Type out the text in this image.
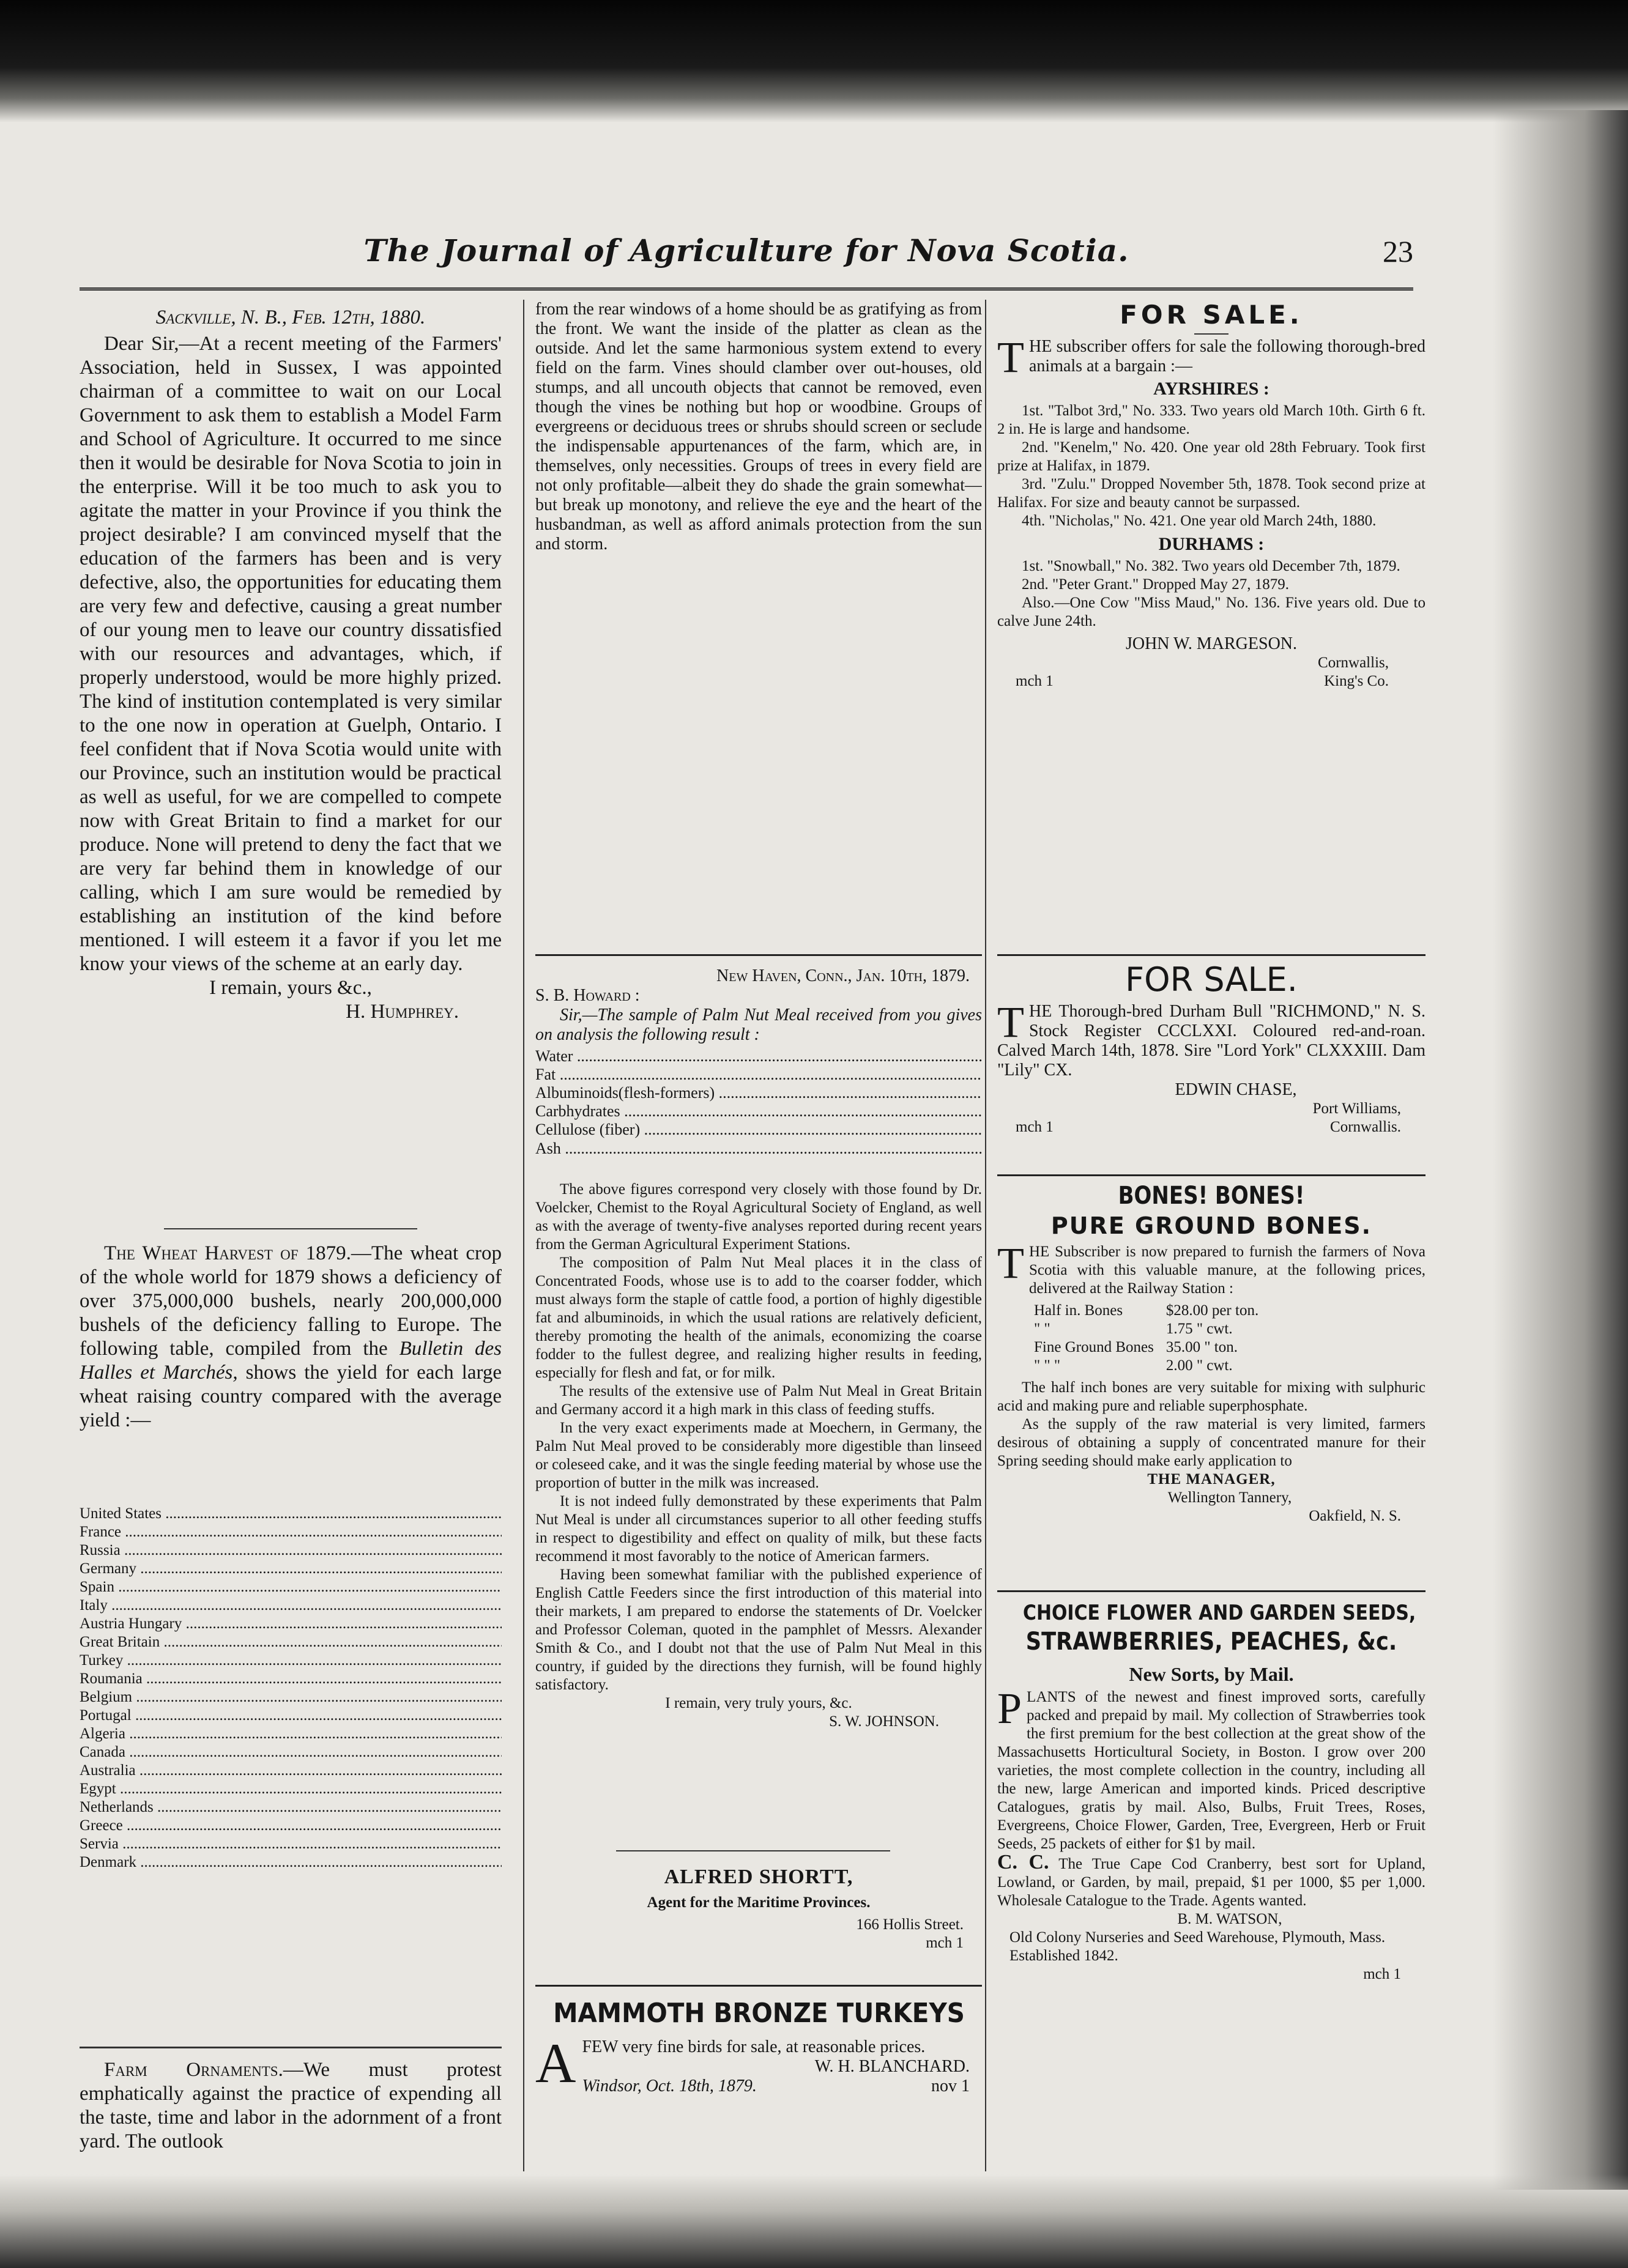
The Journal of Agriculture for Nova Scotia.	23

Sackville, N. B., Feb. 12th, 1880.

Dear Sir,—At a recent meeting of the Farmers' Association, held in Sussex, I was appointed chairman of a committee to wait on our Local Government to ask them to establish a Model Farm and School of Agriculture. It occurred to me since then it would be desirable for Nova Scotia to join in the enterprise. Will it be too much to ask you to agitate the matter in your Province if you think the project desirable? I am convinced myself that the education of the farmers has been and is very defective, also, the opportunities for educating them are very few and defective, causing a great number of our young men to leave our country dissatisfied with our resources and advantages, which, if properly understood, would be more highly prized. The kind of institution contemplated is very similar to the one now in operation at Guelph, Ontario. I feel confident that if Nova Scotia would unite with our Province, such an institution would be practical as well as useful, for we are compelled to compete now with Great Britain to find a market for our produce. None will pretend to deny the fact that we are very far behind them in knowledge of our calling, which I am sure would be remedied by establishing an institution of the kind before mentioned. I will esteem it a favor if you let me know your views of the scheme at an early day.

I remain, yours &c.,

H. Humphrey.

The Wheat Harvest of 1879.—The wheat crop of the whole world for 1879 shows a deficiency of over 375,000,000 bushels, nearly 200,000,000 bushels of the deficiency falling to Europe. The following table, compiled from the Bulletin des Halles et Marchés, shows the yield for each large wheat raising country compared with the average yield :—

United States .....		
France .....		
Russia .....		
Germany .....		
Spain .....		
Italy .....		
Austria Hungary .....		
Great Britain .....		
Turkey .....		
Roumania .....		
Belgium .....		
Portugal .....		
Algeria .....		
Canada .....		
Australia .....		
Egypt .....		
Netherlands .....		
Greece .....		
Servia .....		
Denmark .....		

Farm Ornaments.—We must protest emphatically against the practice of expending all the taste, time and labor in the adornment of a front yard. The outlook

from the rear windows of a home should be as gratifying as from the front. We want the inside of the platter as clean as the outside. And let the same harmonious system extend to every field on the farm. Vines should clamber over out-houses, old stumps, and all uncouth objects that cannot be removed, even though the vines be nothing but hop or woodbine. Groups of evergreens or deciduous trees or shrubs should screen or seclude the indispensable appurtenances of the farm, which are, in themselves, only necessities. Groups of trees in every field are not only profitable—albeit they do shade the grain somewhat—but break up monotony, and relieve the eye and the heart of the husbandman, as well as afford animals protection from the sun and storm.

New Haven, Conn., Jan. 10th, 1879.

S. B. Howard :

Sir,—The sample of Palm Nut Meal received from you gives on analysis the following result :

Water .....	
Fat .....	
Albuminoids(flesh-formers) .....	
Carbhydrates .....	
Cellulose (fiber) .....	
Ash .....	

The above figures correspond very closely with those found by Dr. Voelcker, Chemist to the Royal Agricultural Society of England, as well as with the average of twenty-five analyses reported during recent years from the German Agricultural Experiment Stations.

The composition of Palm Nut Meal places it in the class of Concentrated Foods, whose use is to add to the coarser fodder, which must always form the staple of cattle food, a portion of highly digestible fat and albuminoids, in which the usual rations are relatively deficient, thereby promoting the health of the animals, economizing the coarse fodder to the fullest degree, and realizing higher results in feeding, especially for flesh and fat, or for milk.

The results of the extensive use of Palm Nut Meal in Great Britain and Germany accord it a high mark in this class of feeding stuffs.

In the very exact experiments made at Moechern, in Germany, the Palm Nut Meal proved to be considerably more digestible than linseed or coleseed cake, and it was the single feeding material by whose use the proportion of butter in the milk was increased.

It is not indeed fully demonstrated by these experiments that Palm Nut Meal is under all circumstances superior to all other feeding stuffs in respect to digestibility and effect on quality of milk, but these facts recommend it most favorably to the notice of American farmers.

Having been somewhat familiar with the published experience of English Cattle Feeders since the first introduction of this material into their markets, I am prepared to endorse the statements of Dr. Voelcker and Professor Coleman, quoted in the pamphlet of Messrs. Alexander Smith & Co., and I doubt not that the use of Palm Nut Meal in this country, if guided by the directions they furnish, will be found highly satisfactory.

I remain, very truly yours, &c.

S. W. JOHNSON.

ALFRED SHORTT,

Agent for the Maritime Provinces.

166 Hollis Street.

mch 1

MAMMOTH BRONZE TURKEYS

AFEW very fine birds for sale, at reasonable prices.

W. H. BLANCHARD.

Windsor, Oct. 18th, 1879.	nov 1

FOR SALE.

THE subscriber offers for sale the following thorough-bred animals at a bargain :—

AYRSHIRES :

1st. "Talbot 3rd," No. 333. Two years old March 10th. Girth 6 ft. 2 in. He is large and handsome.

2nd. "Kenelm," No. 420. One year old 28th February. Took first prize at Halifax, in 1879.

3rd. "Zulu." Dropped November 5th, 1878. Took second prize at Halifax. For size and beauty cannot be surpassed.

4th. "Nicholas," No. 421. One year old March 24th, 1880.

DURHAMS :

1st. "Snowball," No. 382. Two years old December 7th, 1879.

2nd. "Peter Grant." Dropped May 27, 1879.

Also.—One Cow "Miss Maud," No. 136. Five years old. Due to calve June 24th.

JOHN W. MARGESON.

Cornwallis,

mch 1	King's Co.

FOR SALE.

THE Thorough-bred Durham Bull "RICHMOND," N. S. Stock Register CCCLXXI. Coloured red-and-roan. Calved March 14th, 1878. Sire "Lord York" CLXXXIII. Dam "Lily" CX.

EDWIN CHASE,

Port Williams,

mch 1	Cornwallis.

BONES! BONES!

PURE GROUND BONES.

THE Subscriber is now prepared to furnish the farmers of Nova Scotia with this valuable manure, at the following prices, delivered at the Railway Station :

Half in. Bones	$28.00 per ton.
" "	1.75 " cwt.
Fine Ground Bones	35.00 " ton.
" " "	2.00 " cwt.

The half inch bones are very suitable for mixing with sulphuric acid and making pure and reliable superphosphate.

As the supply of the raw material is very limited, farmers desirous of obtaining a supply of concentrated manure for their Spring seeding should make early application to

THE MANAGER,

Wellington Tannery,

Oakfield, N. S.

CHOICE FLOWER AND GARDEN SEEDS,

STRAWBERRIES, PEACHES, &c.

New Sorts, by Mail.

PLANTS of the newest and finest improved sorts, carefully packed and prepaid by mail. My collection of Strawberries took the first premium for the best collection at the great show of the Massachusetts Horticultural Society, in Boston. I grow over 200 varieties, the most complete collection in the country, including all the new, large American and imported kinds. Priced descriptive Catalogues, gratis by mail. Also, Bulbs, Fruit Trees, Roses, Evergreens, Choice Flower, Garden, Tree, Evergreen, Herb or Fruit Seeds, 25 packets of either for $1 by mail.

C. C. The True Cape Cod Cranberry, best sort for Upland, Lowland, or Garden, by mail, prepaid, $1 per 1000, $5 per 1,000. Wholesale Catalogue to the Trade. Agents wanted.

B. M. WATSON,

Old Colony Nurseries and Seed Warehouse, Plymouth, Mass. Established 1842.

mch 1
